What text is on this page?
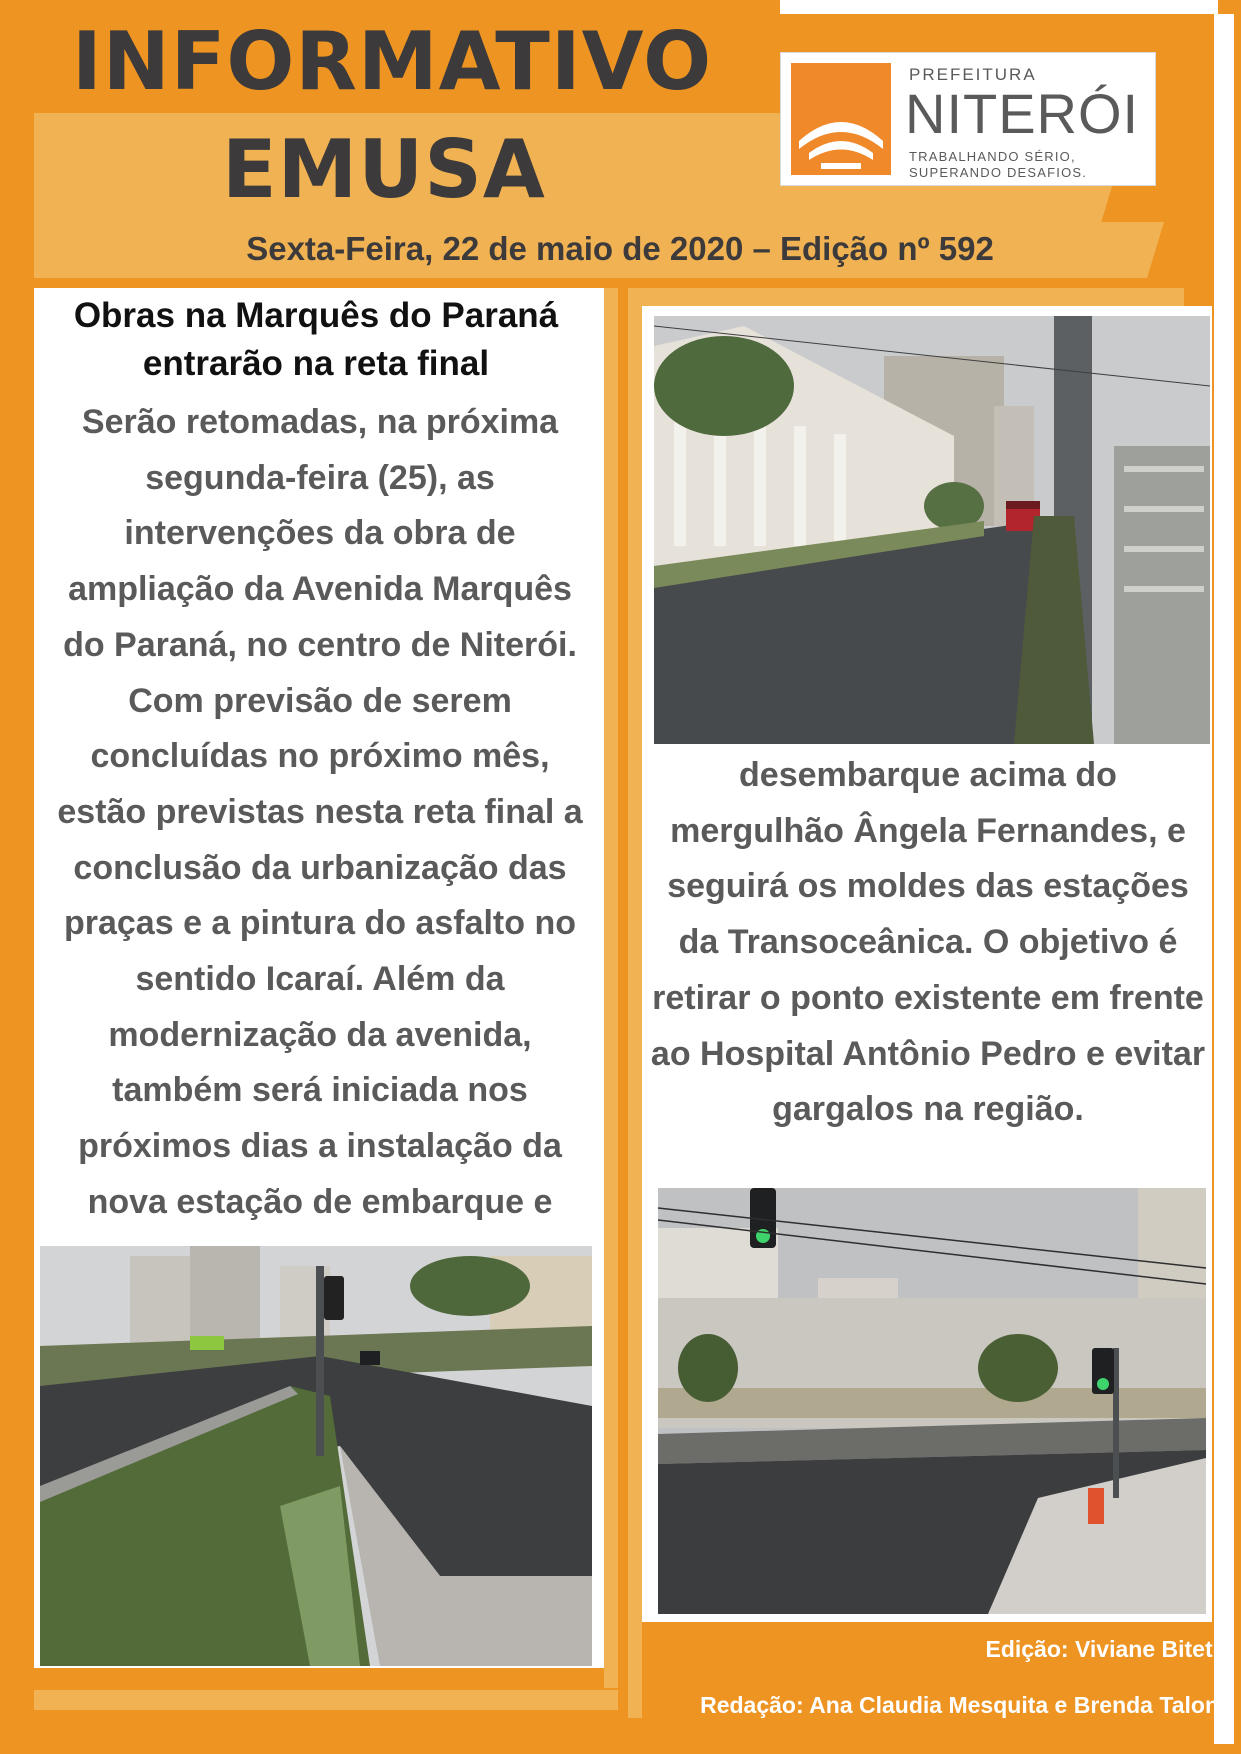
INFORMATIVO
EMUSA
PREFEITURA
NITERÓI
TRABALHANDO SÉRIO,
SUPERANDO DESAFIOS.
Sexta-Feira, 22 de maio de 2020 – Edição nº 592
Obras na Marquês do Paraná entrarão na reta final

Serão retomadas, na próxima segunda-feira (25), as intervenções da obra de ampliação da Avenida Marquês do Paraná, no centro de Niterói. Com previsão de serem concluídas no próximo mês, estão previstas nesta reta final a conclusão da urbanização das praças e a pintura do asfalto no sentido Icaraí. Além da modernização da avenida, também será iniciada nos próximos dias a instalação da nova estação de embarque e

desembarque acima do mergulhão Ângela Fernandes, e seguirá os moldes das estações da Transoceânica. O objetivo é retirar o ponto existente em frente ao Hospital Antônio Pedro e evitar gargalos na região.

Edição: Viviane Biteti
Redação: Ana Claudia Mesquita e Brenda Talon
